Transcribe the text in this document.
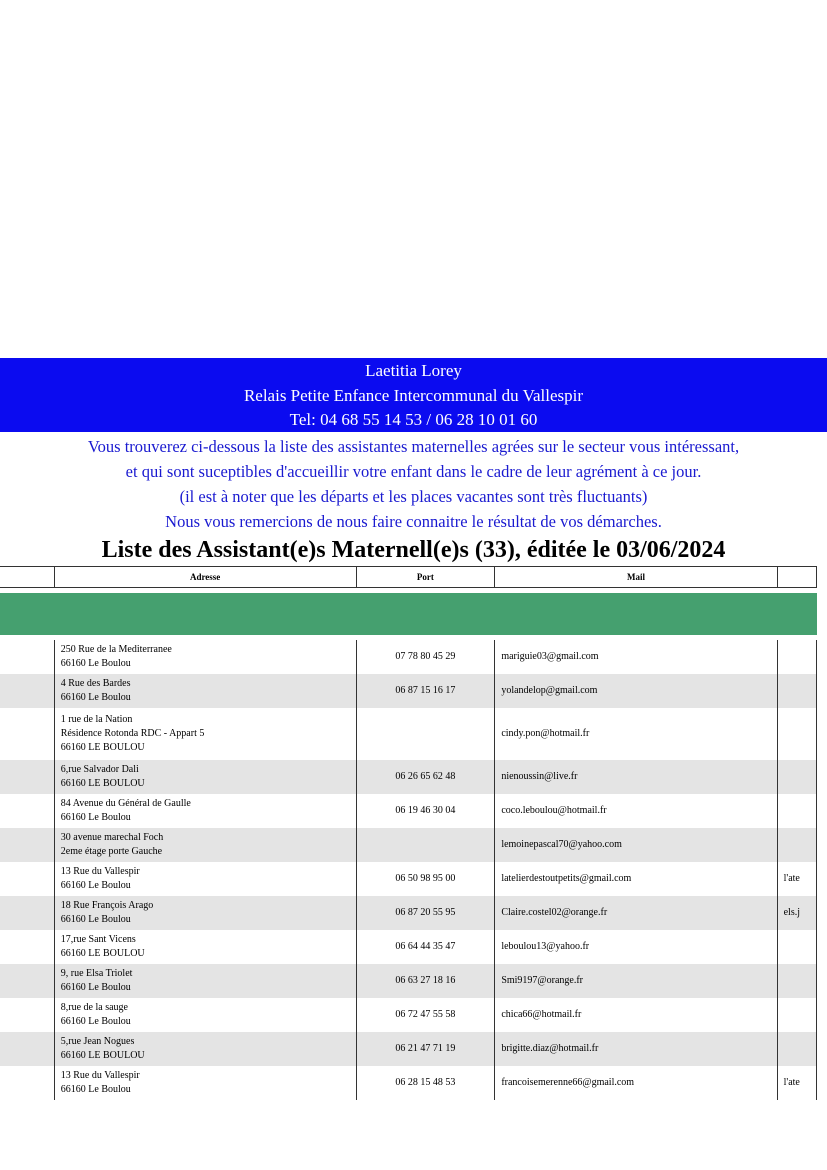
Laetitia Lorey
Relais Petite Enfance Intercommunal du Vallespir
Tel: 04 68 55 14 53 / 06 28 10 01 60
Vous trouverez ci-dessous la liste des assistantes maternelles agrées sur le secteur vous intéressant,
et qui sont suceptibles d'accueillir votre enfant dans le cadre de leur agrément à ce jour.
(il est à noter que les départs et les places vacantes sont très fluctuants)
Nous vous remercions de nous faire connaitre le résultat de vos démarches.
Liste des Assistant(e)s Maternell(e)s (33), éditée le 03/06/2024
	Adresse	Port	Mail	

	250 Rue de la Mediterranee
66160 Le Boulou	07 78 80 45 29	mariguie03@gmail.com	

	4 Rue des Bardes
66160 Le Boulou	06 87 15 16 17	yolandelop@gmail.com	

	1 rue de la Nation
Résidence Rotonda RDC - Appart 5
66160 LE BOULOU		cindy.pon@hotmail.fr	

	6,rue Salvador Dali
66160 LE BOULOU	06 26 65 62 48	nienoussin@live.fr	

	84 Avenue du Général de Gaulle
66160 Le Boulou	06 19 46 30 04	coco.leboulou@hotmail.fr	

	30 avenue marechal Foch
2eme étage porte Gauche		lemoinepascal70@yahoo.com	

	13 Rue du Vallespir
66160 Le Boulou	06 50 98 95 00	latelierdestoutpetits@gmail.com	l'ate

	18 Rue François Arago
66160 Le Boulou	06 87 20 55 95	Claire.costel02@orange.fr	els.j

	17,rue Sant Vicens
66160 LE BOULOU	06 64 44 35 47	leboulou13@yahoo.fr	

	9, rue Elsa Triolet
66160 Le Boulou	06 63 27 18 16	Smi9197@orange.fr	

	8,rue de la sauge
66160 Le Boulou	06 72 47 55 58	chica66@hotmail.fr	

	5,rue Jean Nogues
66160 LE BOULOU	06 21 47 71 19	brigitte.diaz@hotmail.fr	

	13 Rue du Vallespir
66160 Le Boulou	06 28 15 48 53	francoisemerenne66@gmail.com	l'ate
